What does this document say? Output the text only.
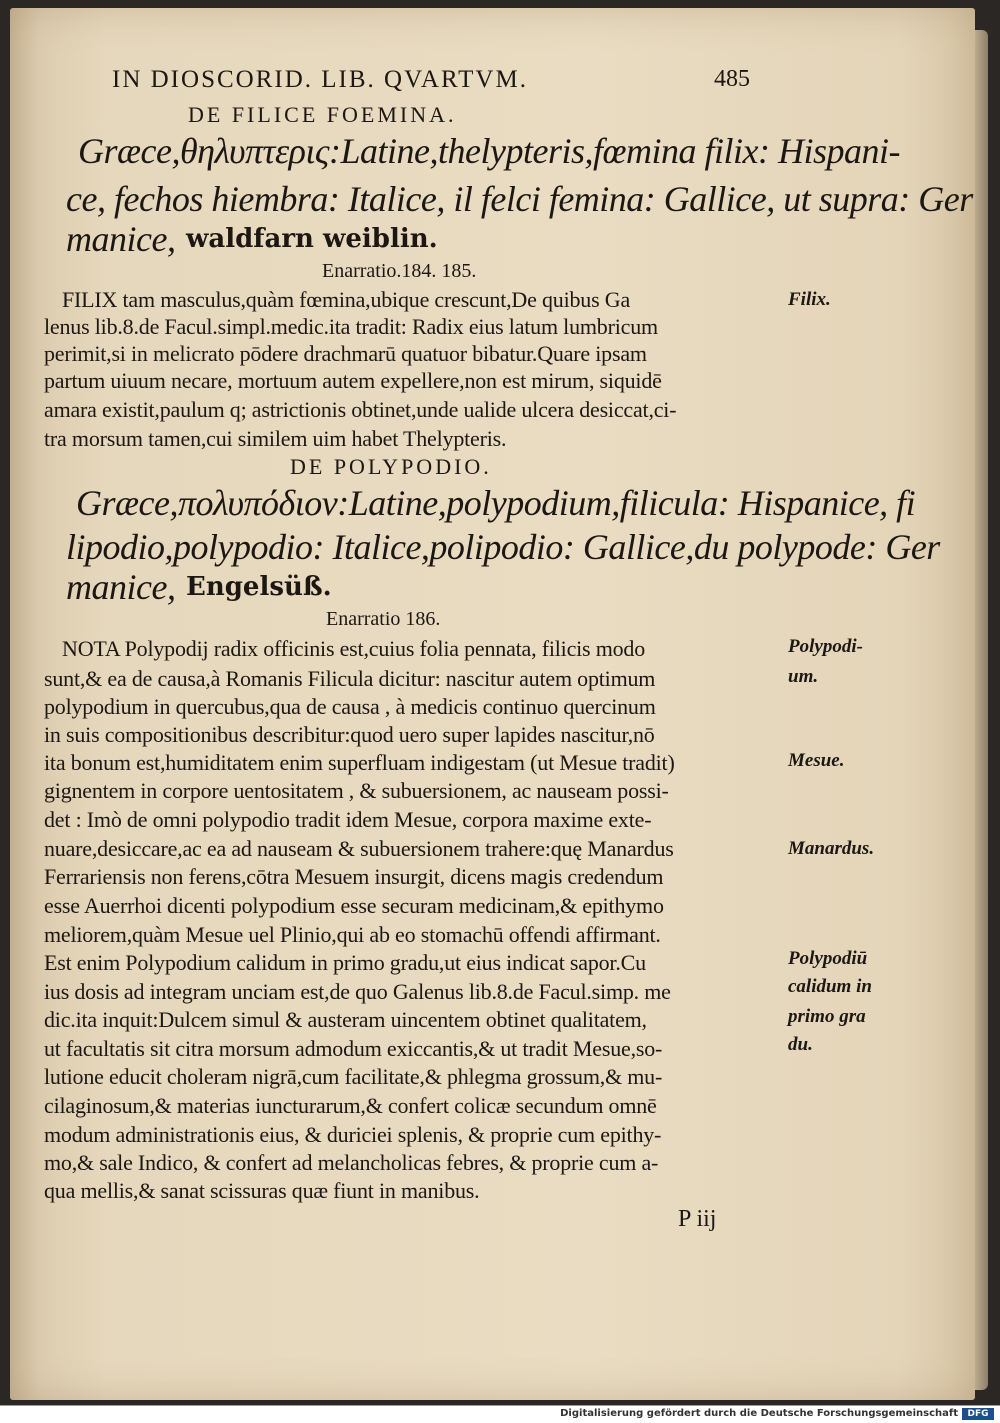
IN DIOSCORID. LIB. QVARTVM.	485
DE FILICE FOEMINA.
Græce,θηλυπτερις:Latine,thelypteris,fœmina filix: Hispani-
ce, fechos hiembra: Italice, il felci femina: Gallice, ut supra: Ger
manice, waldfarn weiblin.
Enarratio.184. 185.
FILIX tam masculus,quàm fœmina,ubique crescunt,De quibus Ga
lenus lib.8.de Facul.simpl.medic.ita tradit: Radix eius latum lumbricum
perimit,si in melicrato pōdere drachmarū quatuor bibatur.Quare ipsam
partum uiuum necare, mortuum autem expellere,non est mirum, siquidē
amara existit,paulum q; astrictionis obtinet,unde ualide ulcera desiccat,ci-
tra morsum tamen,cui similem uim habet Thelypteris.
Filix.
DE POLYPODIO.
Græce,πολυπόδιον:Latine,polypodium,filicula: Hispanice, fi
lipodio,polypodio: Italice,polipodio: Gallice,du polypode: Ger
manice, Engelsüß.
Enarratio 186.
NOTA Polypodij radix officinis est,cuius folia pennata, filicis modo
sunt,& ea de causa,à Romanis Filicula dicitur: nascitur autem optimum
polypodium in quercubus,qua de causa , à medicis continuo quercinum
in suis compositionibus describitur:quod uero super lapides nascitur,nō
ita bonum est,humiditatem enim superfluam indigestam (ut Mesue tradit)
gignentem in corpore uentositatem , & subuersionem, ac nauseam possi-
det : Imò de omni polypodio tradit idem Mesue, corpora maxime exte-
nuare,desiccare,ac ea ad nauseam & subuersionem trahere:quę Manardus
Ferrariensis non ferens,cōtra Mesuem insurgit, dicens magis credendum
esse Auerrhoi dicenti polypodium esse securam medicinam,& epithymo
meliorem,quàm Mesue uel Plinio,qui ab eo stomachū offendi affirmant.
Est enim Polypodium calidum in primo gradu,ut eius indicat sapor.Cu
ius dosis ad integram unciam est,de quo Galenus lib.8.de Facul.simp. me
dic.ita inquit:Dulcem simul & austeram uincentem obtinet qualitatem,
ut facultatis sit citra morsum admodum exiccantis,& ut tradit Mesue,so-
lutione educit choleram nigrā,cum facilitate,& phlegma grossum,& mu-
cilaginosum,& materias iuncturarum,& confert colicæ secundum omnē
modum administrationis eius, & duriciei splenis, & proprie cum epithy-
mo,& sale Indico, & confert ad melancholicas febres, & proprie cum a-
qua mellis,& sanat scissuras quæ fiunt in manibus.
Polypodi-
um.
Mesue.
Manardus.
Polypodiū
calidum in
primo gra
du.
P iij
Digitalisierung gefördert durch die Deutsche Forschungsgemeinschaft	DFG
